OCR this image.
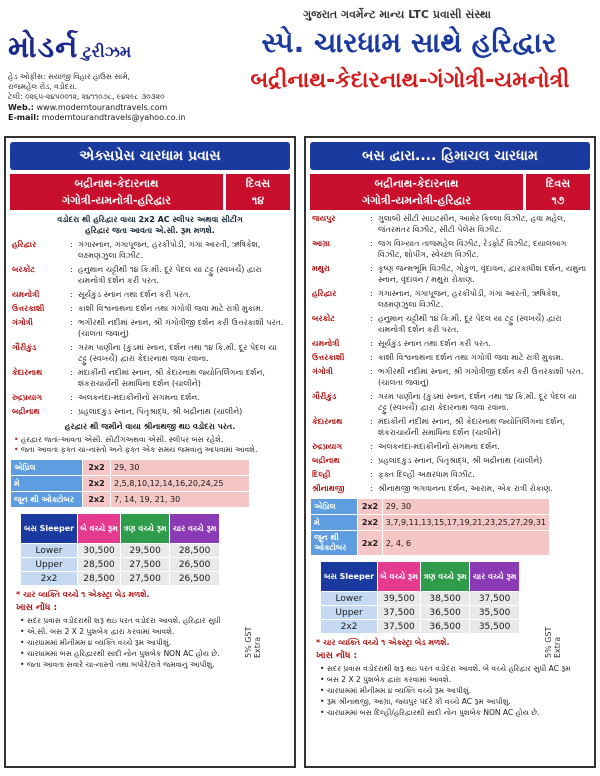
મોડર્ન ટુરીઝમ
હેડ ઓફીસ: સયાજી વિહાર હાઉસ સામે,
રાજમહેલ રોડ, વડોદરા.
ટેલી: ૦૨૬૫-૨૪૫૦૦૧૨, ૨૪૧૧૦૭૮, ૯૪૨૯૮ ૩૦૩૨૦
Web.: www.moderntourandtravels.com
E-mail: moderntourandtravels@yahoo.co.in
ગુજરાત ગવર્મેન્ટ માન્ય LTC પ્રવાસી સંસ્થા
સ્પે. ચારધામ સાથે હરિદ્વાર
બદ્રીનાથ-કેદારનાથ-ગંગોત્રી-યમનોત્રી
એક્સપ્રેસ ચારધામ પ્રવાસ
બદ્રીનાથ-કેદારનાથ
ગંગોત્રી-યમનોત્રી-હરિદ્વાર
દિવસ
૧૪
વડોદરા થી હરિદ્વાર વાયા 2x2 AC સ્લીપર અથવા સીટીંગ
હરિદ્વાર જતા આવતા એ.સી. રૂમ મળશે.
હરિદ્વાર	: ગંગાસ્નાન, ગંગાપૂજન, હરકીપોડી, ગંગા આરતી, ઋષિકેશ, લક્ષ્મણઝુલા વિઝીટ.
બરકોટ	: હનુમાન ચટ્ટીથી ૧૪ કિ.મી. દૂર પેદલ યા ટટ્ટુ (સ્વખર્ચે) દ્વારા યમનોત્રી દર્શન કરી પરત.
યમનોત્રી	: સૂર્યકુંડ સ્નાન તથા દર્શન કરી પરત.
ઉત્તરકાશી	: કાશી વિશ્વનાથના દર્શન તથા ગંગોત્રી જવા માટે રાત્રી મુકામ.
ગંગોત્રી	: ભગીરથી નદીમાં સ્નાન, શ્રી ગંગોત્રીજી દર્શન કરી ઉત્તરકાશી પરત. (ચાલતા જવાનું)
ગૌરીકુંડ	: ગરમ પાણીના (કુંડમાં સ્નાન, દર્શન તથા ૧૪ કિ.મી. દૂર પેદલ યા ટટ્ટુ (સ્વખર્ચે) દ્વારા કેદારનાથ જવા રવાના.
કેદારનાથ	: મંદાકીની નદીમાં સ્નાન, શ્રી કેદારનાથ જ્યોતિર્લિંગના દર્શન, શંકરાચાર્યની સમાધિના દર્શન (ચાલીને)
રુદ્રપ્રયાગ	: અલકનંદા-મંદાકીનીનો સંગમના દર્શન.
બદ્રીનાથ	: પ્રહલાદકુંડ સ્નાન, પિતૃશ્રાદ્ધ, શ્રી બદ્રીનાથ (ચાલીને)
હરદ્વાર થી જમીને વાયા શ્રીનાથજી થઇ વડોદરા પરત.
• હરદ્વાર જતાં-આવતા એસી. સીટીંગઅથવા એસી. સ્લીપર બસ રહેશે.
• જતા આવતા ફક્ત ચા-નાસ્તો અને ફક્ત એક સમય જમવાનું આપવામાં આવશે.
એપ્રિલ	2x2	29, 30
મે	2x2	2,5,8,10,12,14,16,20,24,25
જૂન થી ઓક્ટોબર	2x2	7, 14, 19, 21, 30
બસ Sleeper	બે વચ્ચે રૂમ	ત્રણ વચ્ચે રૂમ	ચાર વચ્ચે રૂમ
Lower	30,500	29,500	28,500
Upper	28,500	27,500	26,500
2x2	28,500	27,500	26,500
5% GST Extra
* ચાર વ્યક્તિ વચ્ચે ૧ એક્સ્ટ્રા બેડ મળશે.
ખાસ નોંધ :
• સદર પ્રવાસ વડોદરાથી શરૂ થઇ પરત વડોદરા આવશે. હરિદ્વાર સુધી
• એ.સી. બસ 2 X 2 પુશબેક દ્વારા કરવામાં આવશે.
• ચારધામમાં મીનીમમ ૪ વ્યક્તિ વચ્ચે રૂમ આપીશું.
• ચારધામમાં બસ હરિદ્વારથી સાદી નોન પુશબેક NON AC હોય છે.
• જતા આવતા સવારે ચા-નાસ્તો તથા બપોરે/રાત્રે જમવાનું આપીશું.
બસ દ્વારા.... હિમાચલ ચારધામ
બદ્રીનાથ-કેદારનાથ
ગંગોત્રી-યમનોત્રી-હરિદ્વાર
દિવસ
૧૭
જયપુર	: ગુલાબી સીટી સાઇટસીન, આમેર કિલ્લા વિઝીટ, હવા મહેલ, જંતરમંતર વિઝીટ, સીટી પેલેસ વિઝીટ.
આગ્રા	: જગ વિખ્યાત તાજમહેલ વિઝીટ, રેડફોર્ટ વિઝીટ, દયાલબાગ વિઝીટ, શોપીંગ, સ્વેચ્છા વિઝીટ.
મથુરા	: કૃષ્ણ જન્મભૂમિ વિઝીટ, ગોકુળ, વૃંદાવન, દ્વારકાધીશ દર્શન, યમુના સ્નાન, વૃંદાવન / મથુરા રોકાણ.
હરિદ્વાર	: ગંગાસ્નાન, ગંગાપૂજન, હરકીપોડી, ગંગા આરતી, ઋષિકેશ, લક્ષ્મણઝુલા વિઝીટ.
બરકોટ	: હનુમાન ચટ્ટીથી ૧૪ કિ.મી. દૂર પેદલ યા ટટ્ટુ (સ્વખર્ચે) દ્વારા યમનોત્રી દર્શન કરી પરત.
યમનોત્રી	: સૂર્યકુંડ સ્નાન તથા દર્શન કરી પરત.
ઉત્તરકાશી	: કાશી વિશ્વનાથના દર્શન તથા ગંગોત્રી જવા માટે રાત્રી મુકામ.
ગંગોત્રી	: ભગીરથી નદીમાં સ્નાન, શ્રી ગંગોત્રીજી દર્શન કરી ઉત્તરકાશી પરત. (ચાલતા જવાનું)
ગૌરીકુંડ	: ગરમ પાણીના (કુંડમાં સ્નાન, દર્શન તથા ૧૪ કિ.મી. દૂર પેદલ યા ટટ્ટુ (સ્વખર્ચે) દ્વારા કેદારનાથ જવા રવાના.
કેદારનાથ	: મંદાકીની નદીમાં સ્નાન, શ્રી કેદારનાથ જ્યોતિર્લિંગના દર્શન, શંકરાચાર્યની સમાધિના દર્શન (ચાલીને)
રુદ્રપ્રયાગ	: અલકનંદા-મંદાકીનીનો સંગમના દર્શન.
બદ્રીનાથ	: પ્રહલાદકુંડ સ્નાન, પિતૃશ્રાદ્ધ, શ્રી બદ્રીનાથ (ચાલીને)
દિલ્હી	: ફક્ત દિલ્હી અક્ષરધામ વિઝીટ.
શ્રીનાથજી	: શ્રીનાથજી ભગવાનના દર્શન, આરામ, એક રાત્રી રોકાણ.
એપ્રિલ	2x2	29, 30
મે	2x2	3,7,9,11,13,15,17,19,21,23,25,27,29,31
જૂન થી ઓક્ટોબર	2x2	2, 4, 6
બસ Sleeper	બે વચ્ચે રૂમ	ત્રણ વચ્ચે રૂમ	ચાર વચ્ચે રૂમ
Lower	39,500	38,500	37,500
Upper	37,500	36,500	35,500
2x2	37,500	36,500	35,500
5% GST Extra
* ચાર વ્યક્તિ વચ્ચે ૧ એક્સ્ટ્રા બેડ મળશે.
ખાસ નોંધ :
• સદર પ્રવાસ વડોદરાથી શરૂ થઇ પરત વડોદરા આવશે. બે વચ્ચે હરિદ્વાર સુધી AC રૂમ
• બસ 2 X 2 પુશબેક દ્વારા કરવામાં આવશે.
• ચારધામમાં મીનીમમ ૪ વ્યક્તિ વચ્ચે રૂમ આપીશું.
• રૂમ શ્રીનાથજી, આગ્રા, જયપુર પંદરે કી વચ્ચે AC રૂમ આપીશું.
• ચારધામમાં બસ દિલ્હી/હરિદ્વારથી સાદી નોન પુશબેક NON AC હોય છે.
